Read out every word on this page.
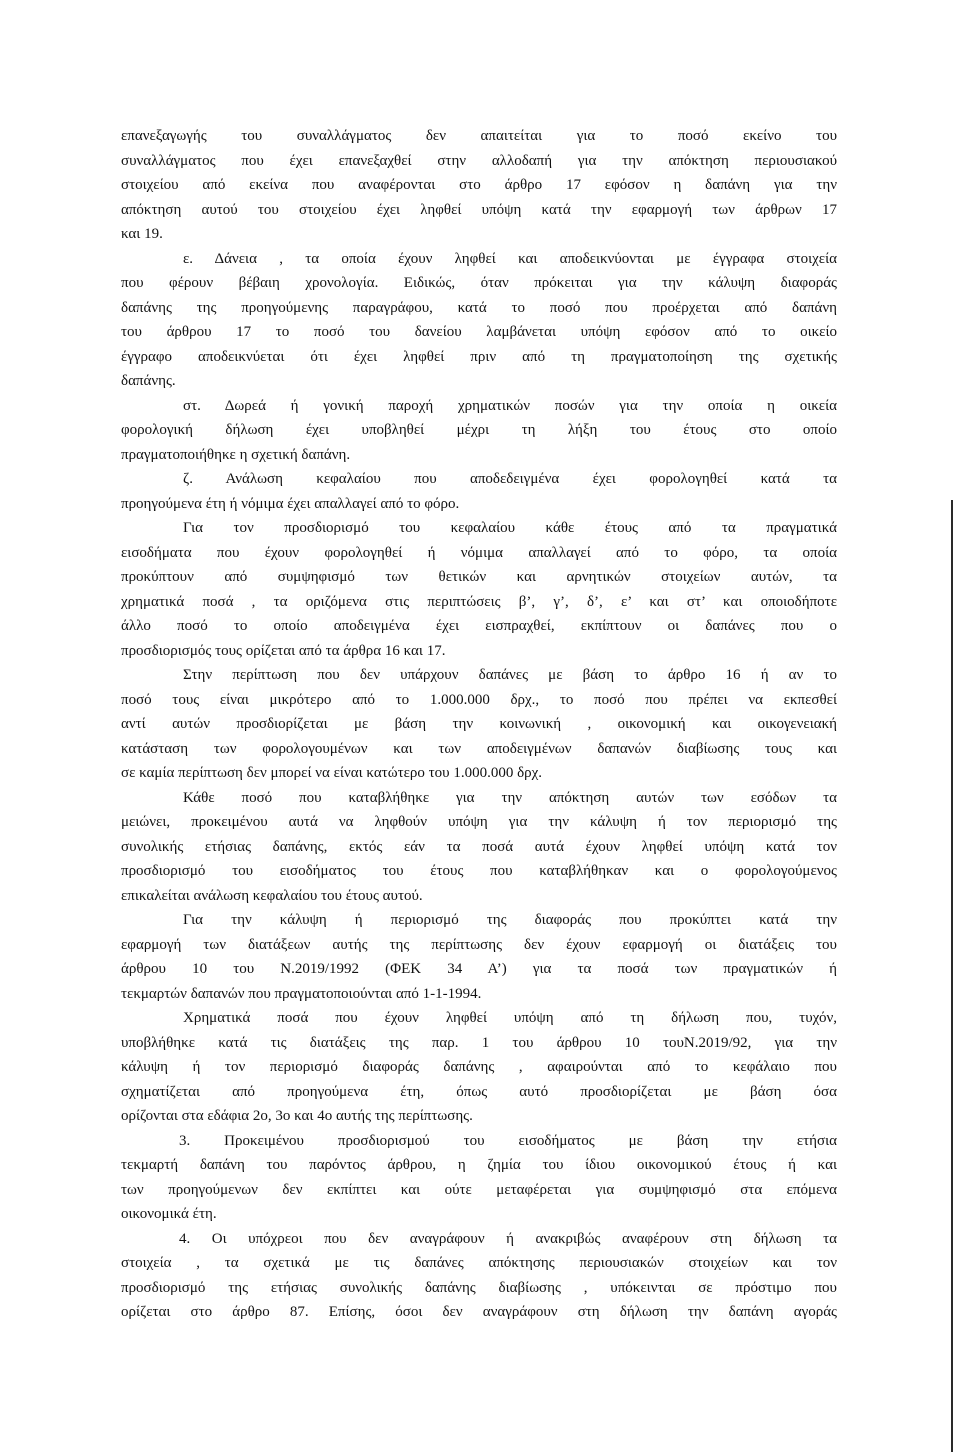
επανεξαγωγής του συναλλάγματος δεν απαιτείται για το ποσό εκείνο του
συναλλάγματος που έχει επανεξαχθεί στην αλλοδαπή για την απόκτηση περιουσιακού
στοιχείου από εκείνα που αναφέρονται στο άρθρο 17 εφόσον η δαπάνη για την
απόκτηση αυτού του στοιχείου έχει ληφθεί υπόψη κατά την εφαρμογή των άρθρων 17
και 19.
ε. Δάνεια , τα οποία έχουν ληφθεί και αποδεικνύονται με έγγραφα στοιχεία
που φέρουν βέβαιη χρονολογία. Ειδικώς, όταν πρόκειται για την κάλυψη διαφοράς
δαπάνης της προηγούμενης παραγράφου, κατά το ποσό που προέρχεται από δαπάνη
του άρθρου 17 το ποσό του δανείου λαμβάνεται υπόψη εφόσον από το οικείο
έγγραφο αποδεικνύεται ότι έχει ληφθεί πριν από τη πραγματοποίηση της σχετικής
δαπάνης.
στ. Δωρεά ή γονική παροχή χρηματικών ποσών για την οποία η οικεία
φορολογική δήλωση έχει υποβληθεί μέχρι τη λήξη του έτους στο οποίο
πραγματοποιήθηκε η σχετική δαπάνη.
ζ. Ανάλωση κεφαλαίου που αποδεδειγμένα έχει φορολογηθεί κατά τα
προηγούμενα έτη ή νόμιμα έχει απαλλαγεί από το φόρο.
Για τον προσδιορισμό του κεφαλαίου κάθε έτους από τα πραγματικά
εισοδήματα που έχουν φορολογηθεί ή νόμιμα απαλλαγεί από το φόρο, τα οποία
προκύπτουν από συμψηφισμό των θετικών και αρνητικών στοιχείων αυτών, τα
χρηματικά ποσά , τα οριζόμενα στις περιπτώσεις β’, γ’, δ’, ε’ και στ’ και οποιοδήποτε
άλλο ποσό το οποίο αποδειγμένα έχει εισπραχθεί, εκπίπτουν οι δαπάνες που ο
προσδιορισμός τους ορίζεται από τα άρθρα 16 και 17.
Στην περίπτωση που δεν υπάρχουν δαπάνες με βάση το άρθρο 16 ή αν το
ποσό τους είναι μικρότερο από το 1.000.000 δρχ., το ποσό που πρέπει να εκπεσθεί
αντί αυτών προσδιορίζεται με βάση την κοινωνική , οικονομική και οικογενειακή
κατάσταση των φορολογουμένων και των αποδειγμένων δαπανών διαβίωσης τους και
σε καμία περίπτωση δεν μπορεί να είναι κατώτερο του 1.000.000 δρχ.
Κάθε ποσό που καταβλήθηκε για την απόκτηση αυτών των εσόδων τα
μειώνει, προκειμένου αυτά να ληφθούν υπόψη για την κάλυψη ή τον περιορισμό της
συνολικής ετήσιας δαπάνης, εκτός εάν τα ποσά αυτά έχουν ληφθεί υπόψη κατά τον
προσδιορισμό του εισοδήματος του έτους που καταβλήθηκαν και ο φορολογούμενος
επικαλείται ανάλωση κεφαλαίου του έτους αυτού.
Για την κάλυψη ή περιορισμό της διαφοράς που προκύπτει κατά την
εφαρμογή των διατάξεων αυτής της περίπτωσης δεν έχουν εφαρμογή οι διατάξεις του
άρθρου 10 του Ν.2019/1992 (ΦΕΚ 34 Α’) για τα ποσά των πραγματικών ή
τεκμαρτών δαπανών που πραγματοποιούνται από 1-1-1994.
Χρηματικά ποσά που έχουν ληφθεί υπόψη από τη δήλωση που, τυχόν,
υποβλήθηκε κατά τις διατάξεις της παρ. 1 του άρθρου 10 τουΝ.2019/92, για την
κάλυψη ή τον περιορισμό διαφοράς δαπάνης , αφαιρούνται από το κεφάλαιο που
σχηματίζεται από προηγούμενα έτη, όπως αυτό προσδιορίζεται με βάση όσα
ορίζονται στα εδάφια 2ο, 3ο και 4ο αυτής της περίπτωσης.
3. Προκειμένου προσδιορισμού του εισοδήματος με βάση την ετήσια
τεκμαρτή δαπάνη του παρόντος άρθρου, η ζημία του ίδιου οικονομικού έτους ή και
των προηγούμενων δεν εκπίπτει και ούτε μεταφέρεται για συμψηφισμό στα επόμενα
οικονομικά έτη.
4. Οι υπόχρεοι που δεν αναγράφουν ή ανακριβώς αναφέρουν στη δήλωση τα
στοιχεία , τα σχετικά με τις δαπάνες απόκτησης περιουσιακών στοιχείων και τον
προσδιορισμό της ετήσιας συνολικής δαπάνης διαβίωσης , υπόκεινται σε πρόστιμο που
ορίζεται στο άρθρο 87. Επίσης, όσοι δεν αναγράφουν στη δήλωση την δαπάνη αγοράς
